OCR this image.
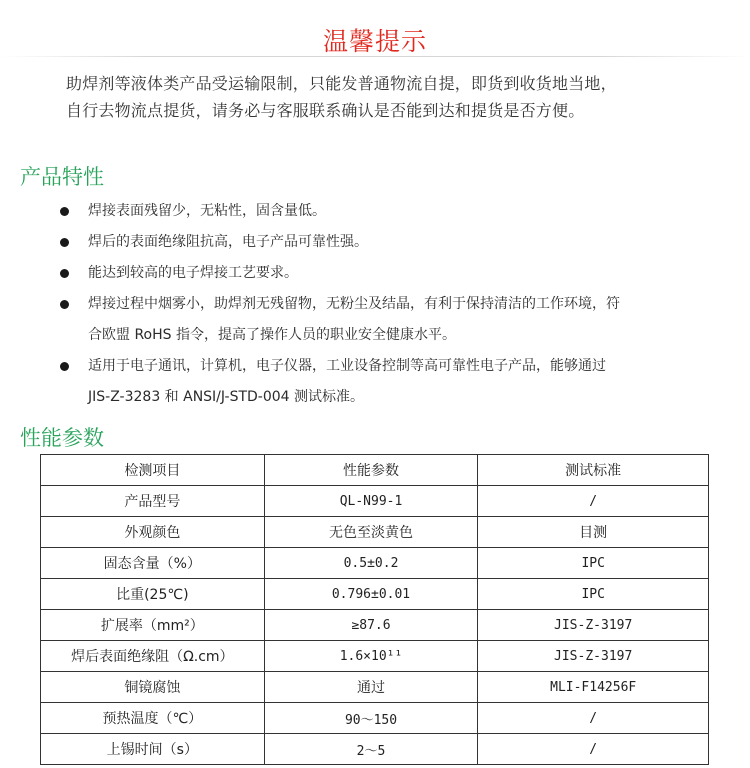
温馨提示

助焊剂等液体类产品受运输限制，只能发普通物流自提，即货到收货地当地，

自行去物流点提货，请务必与客服联系确认是否能到达和提货是否方便。

产品特性
焊接表面残留少，无粘性，固含量低。
焊后的表面绝缘阻抗高，电子产品可靠性强。
能达到较高的电子焊接工艺要求。
焊接过程中烟雾小，助焊剂无残留物，无粉尘及结晶，有利于保持清洁的工作环境，符
合欧盟 RoHS 指令，提高了操作人员的职业安全健康水平。
适用于电子通讯，计算机，电子仪器，工业设备控制等高可靠性电子产品，能够通过
JIS-Z-3283 和 ANSI/J-STD-004 测试标准。
性能参数
检测项目	性能参数	测试标准
产品型号	QL-N99-1	/
外观颜色	无色至淡黄色	目测
固态含量（%）	0.5±0.2	IPC
比重(25℃)	0.796±0.01	IPC
扩展率（mm²）	≥87.6	JIS-Z-3197
焊后表面绝缘阻（Ω.cm）	1.6×10¹¹	JIS-Z-3197
铜镜腐蚀	通过	MLI-F14256F
预热温度（℃）	90～150	/
上锡时间（s）	2～5	/
